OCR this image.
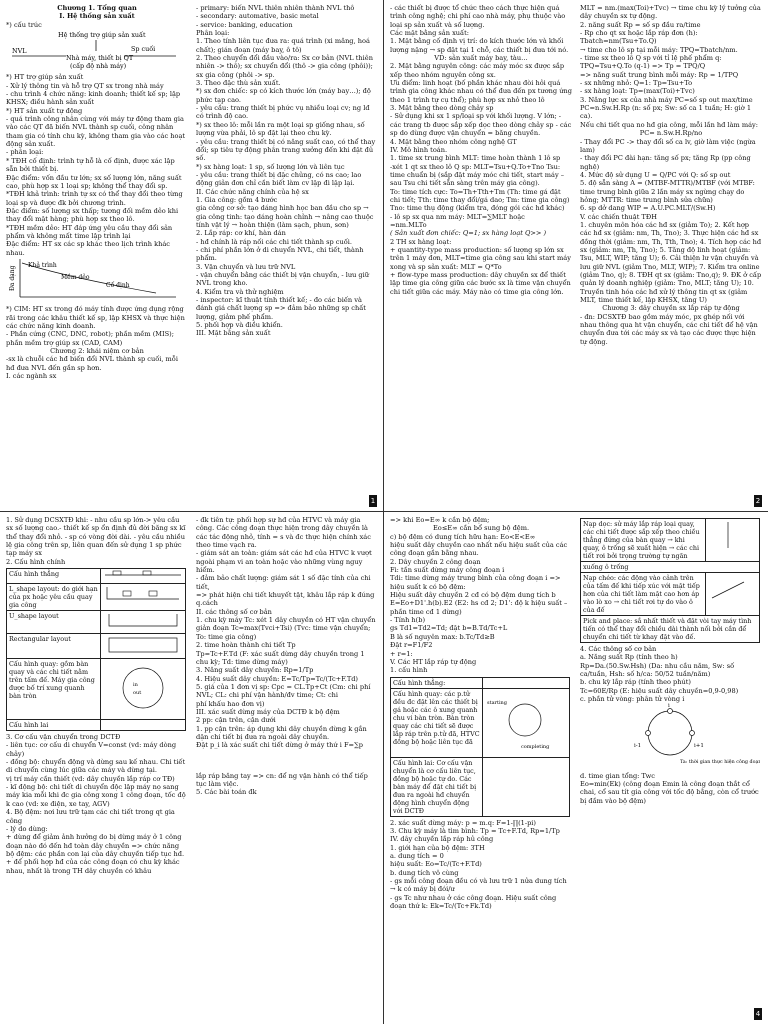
Chương 1. Tổng quan

I. Hệ thống sản xuất

*) cấu trúc

Hệ thống trợ giúp sản xuất
NVL	Sp cuối
Nhà máy, thiết bị QT
(cấp độ nhà máy)

*) HT trợ giúp sản xuất

- Xử lý thông tin và hỗ trợ QT sx trong nhà máy

- chu trình 4 chức năng: kinh doanh; thiết kế sp; lập KHSX; điều hành sản xuất

*) HT sản xuất tự động

- quá trình công nhân cùng với máy tự động tham gia vào các QT đã biến NVL thành sp cuối, công nhân tham gia có tính chu kỳ, không tham gia vào các hoạt động sản xuất.

- phân loại:

* TĐH cố định: trình tự hỗ là cố định, được xác lập sẵn bởi thiết bị.

Đặc điểm: vốn đầu tư lớn; sx số lượng lớn, năng suất cao, phù hợp sx 1 loại sp; không thể thay đổi sp.

*TĐH khả trình: trình tự sx có thể thay đổi theo từng loại sp và được đk bởi chương trình.

Đặc điểm: số lượng sx thấp; tương đối mềm dẻo khi thay đổi mặt hàng; phù hợp sx theo lô.

*TĐH mềm dẻo: HT đáp ứng yêu cầu thay đổi sản phẩm và không mất time lập trình lại

Đặc điểm: HT sx các sp khác theo lịch trình khác nhau.

Đa dạng
Khả trình
Mềm dẻo
Cố định

*) CIM: HT sx trong đó máy tính được ứng dụng rộng rãi trong các khâu thiết kế sp, lập KHSX và thực hiện các chức năng kinh doanh.

- Phần cứng (CNC, DNC, robot); phần mềm (MIS); phần mềm trợ giúp sx (CAD, CAM)

Chương 2: khái niệm cơ bản

-sx là chuỗi các hđ biến đổi NVL thành sp cuối, mỗi hđ đưa NVL đến gần sp hơn.

I. các ngành sx

- primary: biến NVL thiên nhiên thành NVL thô

- secondary: automative, basic metal

- service: banking, education

Phân loại:

1. Theo tính liên tục đưa ra: quá trình (xi măng, hoá chất); gián đoạn (máy bay, ô tô)

2. Theo chuyển đổi đầu vào/ra: Sx cơ bản (NVL thiên nhiên -> thô); sx chuyển đổi (thô -> gia công (phôi)); sx gia công (phôi -> sp.

3. Theo đặc thù sản xuất.

*) sx đơn chiếc: sp có kích thước lớn (máy bay…); độ phức tạp cao.

- yêu cầu: trang thiết bị phức vụ nhiều loại cv; ng lđ có trình độ cao.

*) sx theo lô: mỗi lần ra một loại sp giống nhau, số lượng vừa phải, lô sp đặt lại theo chu kỳ.

- yêu cầu: trang thiết bị có năng suất cao, có thể thay đổi; sp tiêu tự động phân trang xưởng đến khi đặt đủ số.

*) sx hàng loạt: 1 sp, số lượng lớn và liên tục

- yêu cầu: trang thiết bị đặc chủng, có ns cao; lao động giản đơn chỉ cần biết làm cv lặp đi lặp lại.

II. Các chức năng chính của hệ sx

1. Gia công: gồm 4 bước

gia công cơ sở: tạo dáng hình học ban đầu cho sp → gia công tinh: tạo dáng hoàn chỉnh → nâng cao thuộc tính vật lý → hoàn thiện (làm sạch, phun, sơn)

2. Lắp ráp: cơ khí, hàn dán

- hđ chính là ráp nối các chi tiết thành sp cuối.

- chi phí phần lớn ở di chuyển NVL, chi tiết, thành phẩm.

3. Vận chuyển và lưu trữ NVL

- vận chuyển bằng các thiết bị vận chuyển, - lưu giữ NVL trong kho.

4. Kiểm tra và thử nghiệm

- inspector: kĩ thuật tính thiết kế; - đo các biến và đánh giá chất lượng sp => đảm bảo những sp chất lượng, giảm phế phẩm.

5. phối hợp và điều khiển.

III. Mặt bằng sản xuất

1

- các thiết bị được tổ chức theo cách thực hiện quá trình công nghệ; chi phí cao nhà máy, phụ thuộc vào loại sp sản xuất và số lượng.

Các mặt bằng sản xuất:

1. Mặt bằng cố định vị trí: do kích thước lớn và khối lượng nặng → sp đặt tại 1 chỗ, các thiết bị đưa tới nó.

VD: sản xuất máy bay, tàu…

2. Mặt bằng nguyên công: các máy móc sx được sắp xếp theo nhóm nguyên công sx.

Ưu điểm: linh hoạt (bố phần khác nhau đòi hỏi quá trình gia công khác nhau có thể đưa đến px tương ứng theo 1 trình tự cụ thể); phù hợp sx nhỏ theo lô

3. Mặt bằng theo dòng chảy sp

- Sử dụng khi sx 1 sp/loại sp với khối lượng. V lớn; - các trang tb được sắp xếp dọc theo dòng chảy sp - các sp do dùng được vận chuyển = băng chuyền.

4. Mặt bằng theo nhóm công nghệ GT

IV. Mô hình toán.

1. time sx trung bình MLT: time hoàn thành 1 lô sp

-xét 1 qt sx theo lô Q sp: MLT=Tsu+Q.To+Tno Tsu: time chuẩn bị (sắp đặt máy móc chi tiết, start máy – sau Tsu chi tiết sẵn sàng trên máy gia công).

To: time tích cực: To=Th+Tth+Tm (Th: time gá đặt chi tiết; Tth: time thay đổi/gá dao; Tm: time gia công)

Tno: time thụ động (kiểm tra, đóng gói các hđ khác)

- lô sp sx qua nm máy: MLT=∑MLT hoặc

=nm.MLTo

( Sản xuất đơn chiếc: Q=1; sx hàng loạt Q>> )

2 TH sx hàng loạt:

+ quantity-type mass production: số lượng sp lớn sx trên 1 máy đơn, MLT=time gia công sau khi start máy xong và sp sản xuất: MLT = Q*To

+ flow-type mass production: dây chuyền sx để thiết lập time gia công giữa các bước sx là time vận chuyển chi tiết giữa các máy. Máy nào có time gia công lớn.

MLT = nm.(max(Toi)+Tvc) → time chu kỳ lý tưởng của dây chuyền sx tự động.

2. năng suất Rp = số sp đầu ra/time

- Rp cho qt sx hoặc lắp ráp đơn (h): Tbatch=nm(Tsu+To.Q)

→ time cho lô sp tại mỗi máy: TPQ=Tbatch/nm.

- time sx theo lô Q sp với tỉ lệ phế phẩm q: TPQ=Tsu+Q.To (q-1) => Tp = TPQ/Q

=> năng suất trung bình mỗi máy: Rp = 1/TPQ

- sx những nhỏ: Q=1: Tp=Tsu+To

- sx hàng loạt: Tp=(max(Toi)+Tvc)

3. Năng lực sx của nhà máy PC=số sp out max/time

PC=n.Sw.H.Rp (n: số px; Sw: số ca 1 tuần; H: giờ 1 ca).

Nếu chi tiết qua no hđ gia công, mỗi lần hđ làm máy:

PC= n.Sw.H.Rp/no

- Thay đổi PC -> thay đổi số ca lv, giờ làm việc (ngừa lam)

- thay đổi PC đài hạn: tăng số px; tăng Rp (pp công nghệ)

4. Mức độ sử dụng U = Q/PC với Q: số sp out

5. độ sẵn sàng A = (MTBF-MTTR)/MTBF (với MTBF: time trung bình giữa 2 lần máy sx ngừng chạy do hỏng; MTTR: time trung bình sửa chữa)

6. sp dở dang WIP = A.U.PC.MLT/(Sw.H)

V. các chiến thuật TĐH

1. chuyên môn hóa các hđ sx (giảm To); 2. Kết hợp các hđ sx (giảm: nm, Th, Tno); 3. Thực hiện các hđ sx đồng thời (giảm: nm, Th, Tth, Tno); 4. Tích hợp các hđ sx (giảm: nm, Th, Tno); 5. Tăng độ linh hoạt (giảm: Tsu, MLT, WIP; tăng U); 6. Cải thiện lư vận chuyển và lưu giữ NVL (giảm Tno, MLT, WIP); 7. Kiểm tra online (giảm Tno, q); 8. TĐH qt sx (giảm: Tno,q); 9. ĐK ở cấp quản lý doanh nghiệp (giảm: Tno, MLT; tăng U); 10. Truyền tinh hóa các hđ xử lý thông tin qt sx (giảm MLT, time thiết kế, lập KHSX, tăng U)

Chương 3: dây chuyền sx lắp ráp tự động

- đn: DCSXTĐ bao gồm máy móc, px ghép nối với nhau thông qua ht vận chuyển, các chi tiết để hệ vận chuyển đưa tới các máy sx và tạo các được thực hiện tự động.

2

1. Sử dụng DCSXTĐ khi: - nhu cầu sp lớn-> yêu cầu sx số lượng cao.- thiết kế sp ổn định đủ đời băng sx kĩ thể thay đổi nhỏ. - sp có vòng đời dài. - yêu cầu nhiều lệ gia công trên sp, liên quan đến sử dụng 1 sp phức tạp máy sx

2. Cấu hình chính

Cấu hình thẳng	
L_shape layout: do giới hạn của px hoặc yêu cầu quay gia công	
U_shape layout	
Rectangular layout	
Cấu hình quay: gồm bàn quay và các chi tiết nằm trên tấm đế. Máy gia công được bố trí xung quanh bàn tròn	in
out

Cấu hình lai	

3. Cơ cấu vận chuyển trong DCTĐ

- liên tục: cơ cấu di chuyển V=const (vd: máy dòng chảy)

- đồng bộ: chuyển động và dừng sau kế nhau. Chi tiết di chuyển cùng lúc giữa các máy và dừng tại.

vị trí máy cần thiết (vd: dây chuyền lắp ráp cơ TĐ)

- kĩ động bộ: chi tiết di chuyển độc lập máy nọ sang máy kia mỗi khi đc gia công xong 1 công đoạn, tốc độ k cao (vd: xe điện, xe tay, AGV)

4. Bộ đệm: nơi lưu trữ tạm các chi tiết trong qt gia công

- lý do dùng:

+ dùng để giảm ảnh hưởng do bị dừng máy ở 1 công đoạn nào đó đến hđ toàn dây chuyền => chức năng bộ đệm: các phần con lại của dây chuyền tiếp tục hđ.

+ để phối hợp hđ của các công đoạn có chu kỳ khác nhau, nhất là trong TH dây chuyền có khâu

- đk tiên tự: phối hợp sự hđ của HTVC và máy gia công. Các công đoạn thực hiện trong dây chuyền là các tác động nhỏ, tính = s và đc thực hiện chính xác theo time vạch ra.

- giám sát an toàn: giám sát các hđ của HTVC k vượt ngoài phạm vi an toàn hoặc vào những vùng nguy hiểm.

- đảm bảo chất lượng: giám sát 1 số đặc tính của chi tiết,

=> phát hiện chi tiết khuyết tật, khâu lắp ráp k đúng q.cách

II. các thông số cơ bản

1. chu kỳ máy Tc: xét 1 dây chuyền có HT vận chuyển giản đoạn Tc=max(Tvci+Tsi) (Tvc: time vận chuyển; To: time gia công)

2. time hoàn thành chi tiết Tp

Tp=Tc+F.Td (F: xác suất dừng dây chuyền trong 1 chu kỳ; Td: time dừng máy)

3. Năng suất dây chuyền: Rp=1/Tp

4. Hiệu suất dây chuyền: E=Tc/Tp=Tc/(Tc+F.Td)

5. giá của 1 đơn vị sp: Cpc = CL.Tp+Ct (Cm: chi phí NVL; CL: chi phí vận hành/đv time; Ct: chi

phí khấu hao đơn vị)

III. xác suất dừng máy của DCTĐ k bộ đệm

2 pp: cận trên, cận dưới

1. pp cận trên: áp dụng khi dây chuyền dừng k gắn dặn chi tiết bị đưa ra ngoài dây chuyền.

Đặt p_i là xác suất chi tiết dừng ở máy thứ i F=∑p

lắp ráp băng tay => cn: để ng vận hành có thể tiếp tục làm việc.

5. Các bài toán đk

=> khi Eo=E∞ k cần bộ đệm;

Eo≤E∞ cần bổ sung bộ đệm.

c) bộ đệm có dung tích hữu hạn: Eo<E<E∞

hiệu suất dây chuyền cao nhất nếu hiệu suất của các công đoạn gần bằng nhau.

2. Dây chuyền 2 công đoạn

Fi: tần suất dừng máy công đoạn i

Tdi: time dừng máy trung bình của công đoạn i => hiệu suất k có bộ đệm:

Hiệu suất dây chuyền 2 cđ có bộ đệm dung tích b E=Eo+D1'.h(b).E2 (E2: hs cđ 2; D1': độ k hiệu suất – phần time cđ 1 dừng)

- Tính h(b)

gs Td1=Td2=Td; đặt b=B.Td/Tc+L

B là số nguyên max: b.Tc/Td≥B

Đặt r=F1/F2

+ r=1:

V. Các HT lắp ráp tự động

1. cấu hình

Cấu hình thẳng:	
Cấu hình quay: các p.tử đều đc đặt lên các thiết bị gá hoặc các ô xung quanh chu vi bàn tròn. Bàn tròn quay các chi tiết sẽ được lắp ráp trên p.tử đã, HTVC đồng bộ hoặc liên tục đã	starting
completing

Cấu hình lai: Cơ cấu vận chuyển là cơ cấu liên tục, đồng bộ hoặc tự do. Các bàn máy để đặt chi tiết bị đưa ra ngoài hđ chuyển động hình chuyển động với DCTĐ	

2. xác suất dừng máy: p = m.q: F=1-∏(1-pi)

3. Chu kỳ máy là tìm bình: Tp = Tc+F.Td, Rp=1/Tp

IV. dây chuyền lắp ráp hủ công

1. giới hạn của bộ đệm: 3TH

a. dung tích = 0

hiệu suất: Eo=Tc/(Tc+F.Td)

b. dung tích vô cùng

- gs mỗi công đoạn đều có và lưu trữ 1 nửa dung tích → k có máy bị đói/ư

- gs Tc như nhau ở các công đoạn. Hiệu suất công đoạn thứ k: Ek=Tc/(Tc+Fk.Td)

Nạp dọc: sử máy lắp ráp loại quay, các chi tiết được sắp xếp theo chiều thẳng đứng của bàn quay → khi quay, ô trống sẽ xuất hiện → các chi tiết rơi bởi trọng trường tự ngăn	
xuống ô trống	
Nạp chéo: các động vào cảnh trên của tấm đế khi tiếp xúc với mặt tiếp hơn của chi tiết làm mặt cao hơn áp vào lò xo → chi tiết rơi tự do vào ô của đế	
Pick and place: sắ nhất thiết và đặt vòi tay máy tình tiến có thể thay đổi chiều dài thành nối bởi cần để chuyển chi tiết từ khay đặt vào đế.	

4. Các thông số cơ bản

a. Năng suất Rp (tính theo h)

Rp=Da.(50.Sw.Hsh) (Da: nhu cầu năm, Sw: số ca/tuần, Hsh: số h/ca: 50/52 tuần/năm)

b. chu kỳ lắp ráp (tính theo phút)

Tc=60E/Rp (E: hiệu suất dây chuyền=0,9-0,98)

c. phần tử vòng: phân tử vòng i

i-1
i
i+1
Ta: thời gian thực hiện công đoạn

d. time gian tổng: Twc

Eo=min(Ek) (công đoạn Emin là công đoạn thắt cổ chai, cổ sau tít gia công với tốc độ bằng, còn cổ trước bị đầm vào bộ đệm)

4
